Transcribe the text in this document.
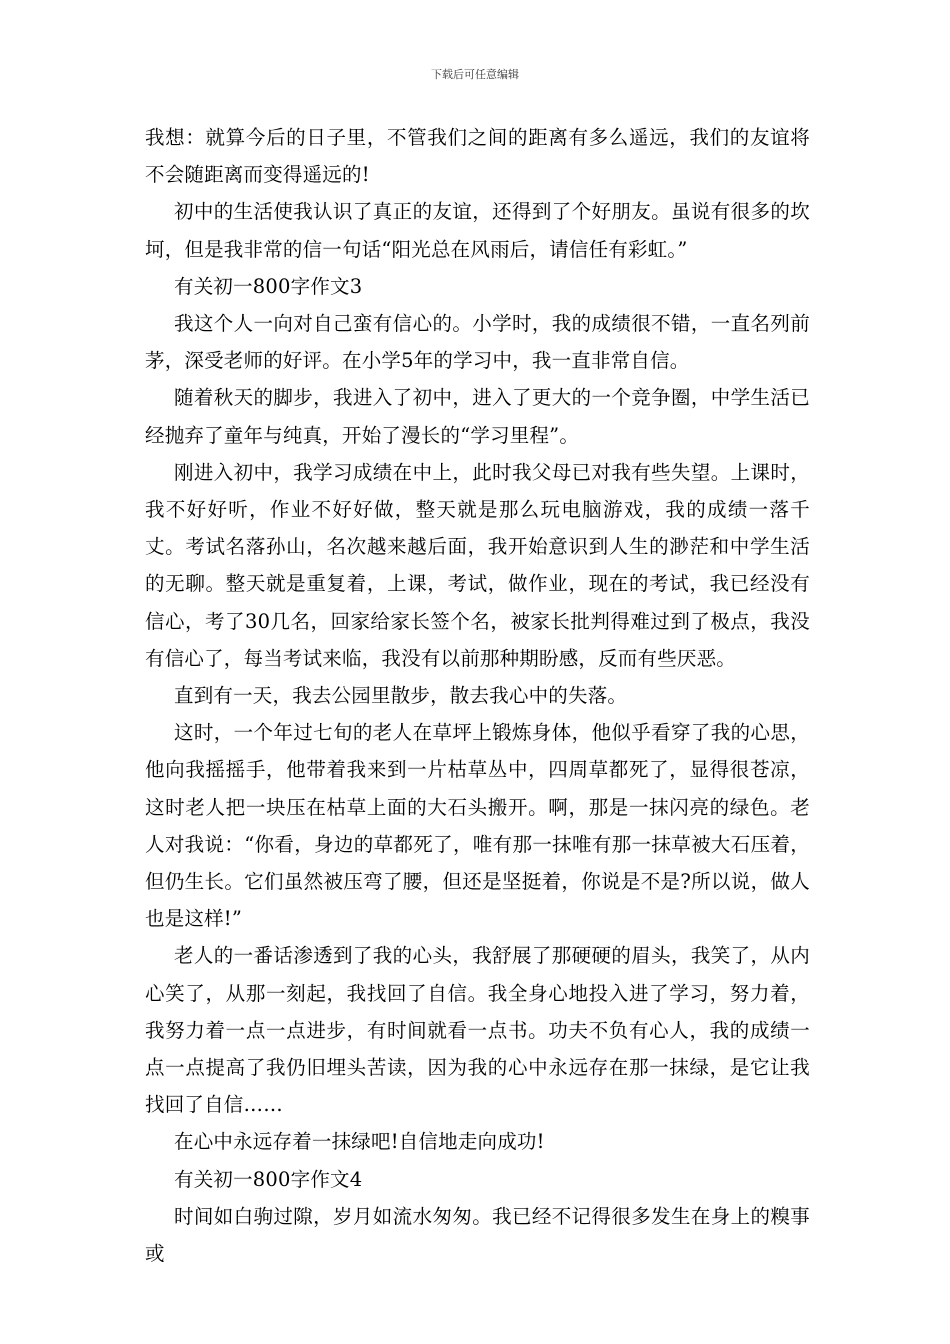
下载后可任意编辑

我想：就算今后的日子里，不管我们之间的距离有多么遥远，我们的友谊将不会随距离而变得遥远的!

初中的生活使我认识了真正的友谊，还得到了个好朋友。虽说有很多的坎坷，但是我非常的信一句话“阳光总在风雨后，请信任有彩虹。”

有关初一800字作文3

我这个人一向对自己蛮有信心的。小学时，我的成绩很不错，一直名列前茅，深受老师的好评。在小学5年的学习中，我一直非常自信。

随着秋天的脚步，我进入了初中，进入了更大的一个竞争圈，中学生活已经抛弃了童年与纯真，开始了漫长的“学习里程”。

刚进入初中，我学习成绩在中上，此时我父母已对我有些失望。上课时，我不好好听，作业不好好做，整天就是那么玩电脑游戏，我的成绩一落千丈。考试名落孙山，名次越来越后面，我开始意识到人生的渺茫和中学生活的无聊。整天就是重复着，上课，考试，做作业，现在的考试，我已经没有信心，考了30几名，回家给家长签个名，被家长批判得难过到了极点，我没有信心了，每当考试来临，我没有以前那种期盼感，反而有些厌恶。

直到有一天，我去公园里散步，散去我心中的失落。

这时，一个年过七旬的老人在草坪上锻炼身体，他似乎看穿了我的心思，他向我摇摇手，他带着我来到一片枯草丛中，四周草都死了，显得很苍凉，这时老人把一块压在枯草上面的大石头搬开。啊，那是一抹闪亮的绿色。老人对我说：“你看，身边的草都死了，唯有那一抹唯有那一抹草被大石压着，但仍生长。它们虽然被压弯了腰，但还是坚挺着，你说是不是?所以说，做人也是这样!”

老人的一番话渗透到了我的心头，我舒展了那硬硬的眉头，我笑了，从内心笑了，从那一刻起，我找回了自信。我全身心地投入进了学习，努力着，我努力着一点一点进步，有时间就看一点书。功夫不负有心人，我的成绩一点一点提高了我仍旧埋头苦读，因为我的心中永远存在那一抹绿，是它让我找回了自信……

在心中永远存着一抹绿吧!自信地走向成功!

有关初一800字作文4

时间如白驹过隙，岁月如流水匆匆。我已经不记得很多发生在身上的糗事或
